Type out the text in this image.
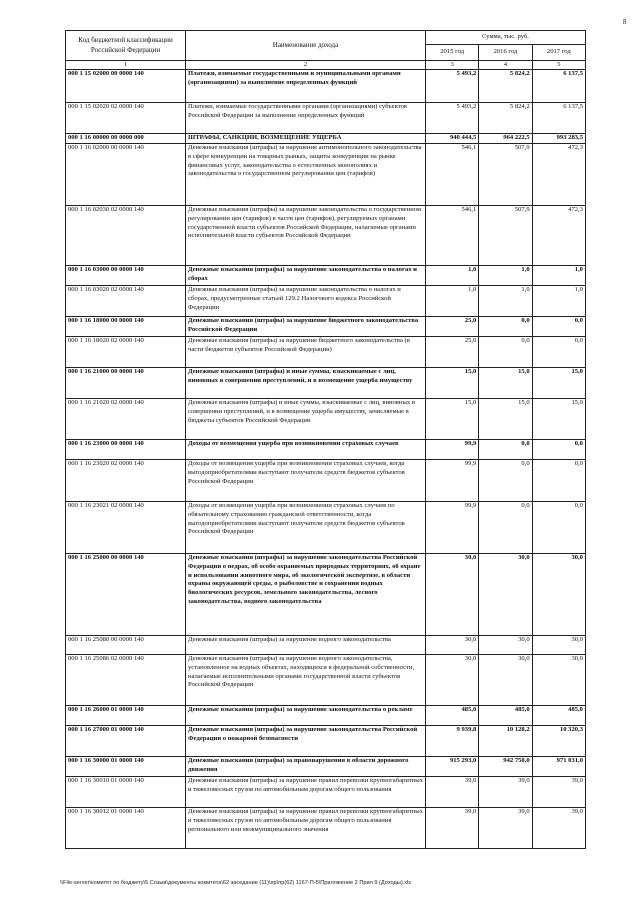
8
Код бюджетной классификации Российской Федерации	Наименование дохода	Сумма, тыс. руб.		
		2015 год	2016 год	2017 год
1	2	3	4	5
000 1 15 02000 00 0000 140	Платежи, взимаемые государственными и муниципальными органами (организациями) за выполнение определенных функций	5 493,2	5 824,2	6 137,5
000 1 15 02020 02 0000 140	Платежи, взимаемые государственными органами (организациями) субъектов Российской Федерации за выполнение определенных функций	5 493,2	5 824,2	6 137,5
000 1 16 00000 00 0000 000	ШТРАФЫ, САНКЦИИ, ВОЗМЕЩЕНИЕ УЩЕРБА	940 444,5	964 222,5	993 283,5
000 1 16 02000 00 0000 140	Денежные взыскания (штрафы) за нарушение антимонопольного законодательства в сфере конкуренции на товарных рынках, защиты конкуренции на рынке финансовых услуг, законодательства о естественных монополиях и законодательства о государственном регулировании цен (тарифов)	546,1	507,9	472,3
000 1 16 02030 02 0000 140	Денежные взыскания (штрафы) за нарушение законодательства о государственном регулировании цен (тарифов) в части цен (тарифов), регулируемых органами государственной власти субъектов Российской Федерации, налагаемые органами исполнительной власти субъектов Российской Федерации	546,1	507,9	472,3
000 1 16 03000 00 0000 140	Денежные взыскания (штрафы) за нарушение законодательства о налогах и сборах	1,0	1,0	1,0
000 1 16 03020 02 0000 140	Денежные взыскания (штрафы) за нарушение законодательства о налогах и сборах, предусмотренные статьей 129.2 Налогового кодекса Российской Федерации	1,0	1,0	1,0
000 1 16 18000 00 0000 140	Денежные взыскания (штрафы) за нарушение бюджетного законодательства Российской Федерации	25,0	0,0	0,0
000 1 16 18020 02 0000 140	Денежные взыскания (штрафы) за нарушение бюджетного законодательства (в части бюджетов субъектов Российской Федерации)	25,0	0,0	0,0
000 1 16 21000 00 0000 140	Денежные взыскания (штрафы) и иные суммы, взыскиваемые с лиц, виновных в совершении преступлений, и в возмещение ущерба имуществу	15,0	15,0	15,0
000 1 16 21020 02 0000 140	Денежные взыскания (штрафы) и иные суммы, взыскиваемые с лиц, виновных в совершении преступлений, и в возмещение ущерба имуществу, зачисляемые в бюджеты субъектов Российской Федерации	15,0	15,0	15,0
000 1 16 23000 00 0000 140	Доходы от возмещения ущерба при возникновении страховых случаев	99,9	0,0	0,0
000 1 16 23020 02 0000 140	Доходы от возмещения ущерба при возникновении страховых случаев, когда выгодоприобретателями выступают получатели средств бюджетов субъектов Российской Федерации	99,9	0,0	0,0
000 1 16 23021 02 0000 140	Доходы от возмещения ущерба при возникновении страховых случаев по обязательному страхованию гражданской ответственности, когда выгодоприобретателями выступают получатели средств бюджетов субъектов Российской Федерации	99,9	0,0	0,0
000 1 16 25000 00 0000 140	Денежные взыскания (штрафы) за нарушение законодательства Российской Федерации о недрах, об особо охраняемых природных территориях, об охране и использовании животного мира, об экологической экспертизе, в области охраны окружающей среды, о рыболовстве и сохранении водных биологических ресурсов, земельного законодательства, лесного законодательства, водного законодательства	30,0	30,0	30,0
000 1 16 25080 00 0000 140	Денежные взыскания (штрафы) за нарушение водного законодательства	30,0	30,0	30,0
000 1 16 25086 02 0000 140	Денежные взыскания (штрафы) за нарушение водного законодательства, установленное на водных объектах, находящихся в федеральной собственности, налагаемые исполнительными органами государственной власти субъектов Российской Федерации	30,0	30,0	30,0
000 1 16 26000 01 0000 140	Денежные взыскания (штрафы) за нарушение законодательства о рекламе	485,0	485,0	485,0
000 1 16 27000 01 0000 140	Денежные взыскания (штрафы) за нарушение законодательства Российской Федерации о пожарной безопасности	9 939,8	10 128,2	10 320,3
000 1 16 30000 01 0000 140	Денежные взыскания (штрафы) за правонарушения в области дорожного движения	915 293,0	942 750,0	971 031,0
000 1 16 30010 01 0000 140	Денежные взыскания (штрафы) за нарушение правил перевозки крупногабаритных и тяжеловесных грузов по автомобильным дорогам общего пользования	39,0	39,0	39,0
000 1 16 30012 01 0000 140	Денежные взыскания (штрафы) за нарушение правил перевозки крупногабаритных и тяжеловесных грузов по автомобильным дорогам общего пользования регионального или межмуниципального значения	39,0	39,0	39,0
\\File-server\комитет по бюджету\5 Созыв\документы комитета\62 заседание (11)\пр\пр(62) 1167-П-5\Приложение 2 Прил 9 (Доходы).xls
